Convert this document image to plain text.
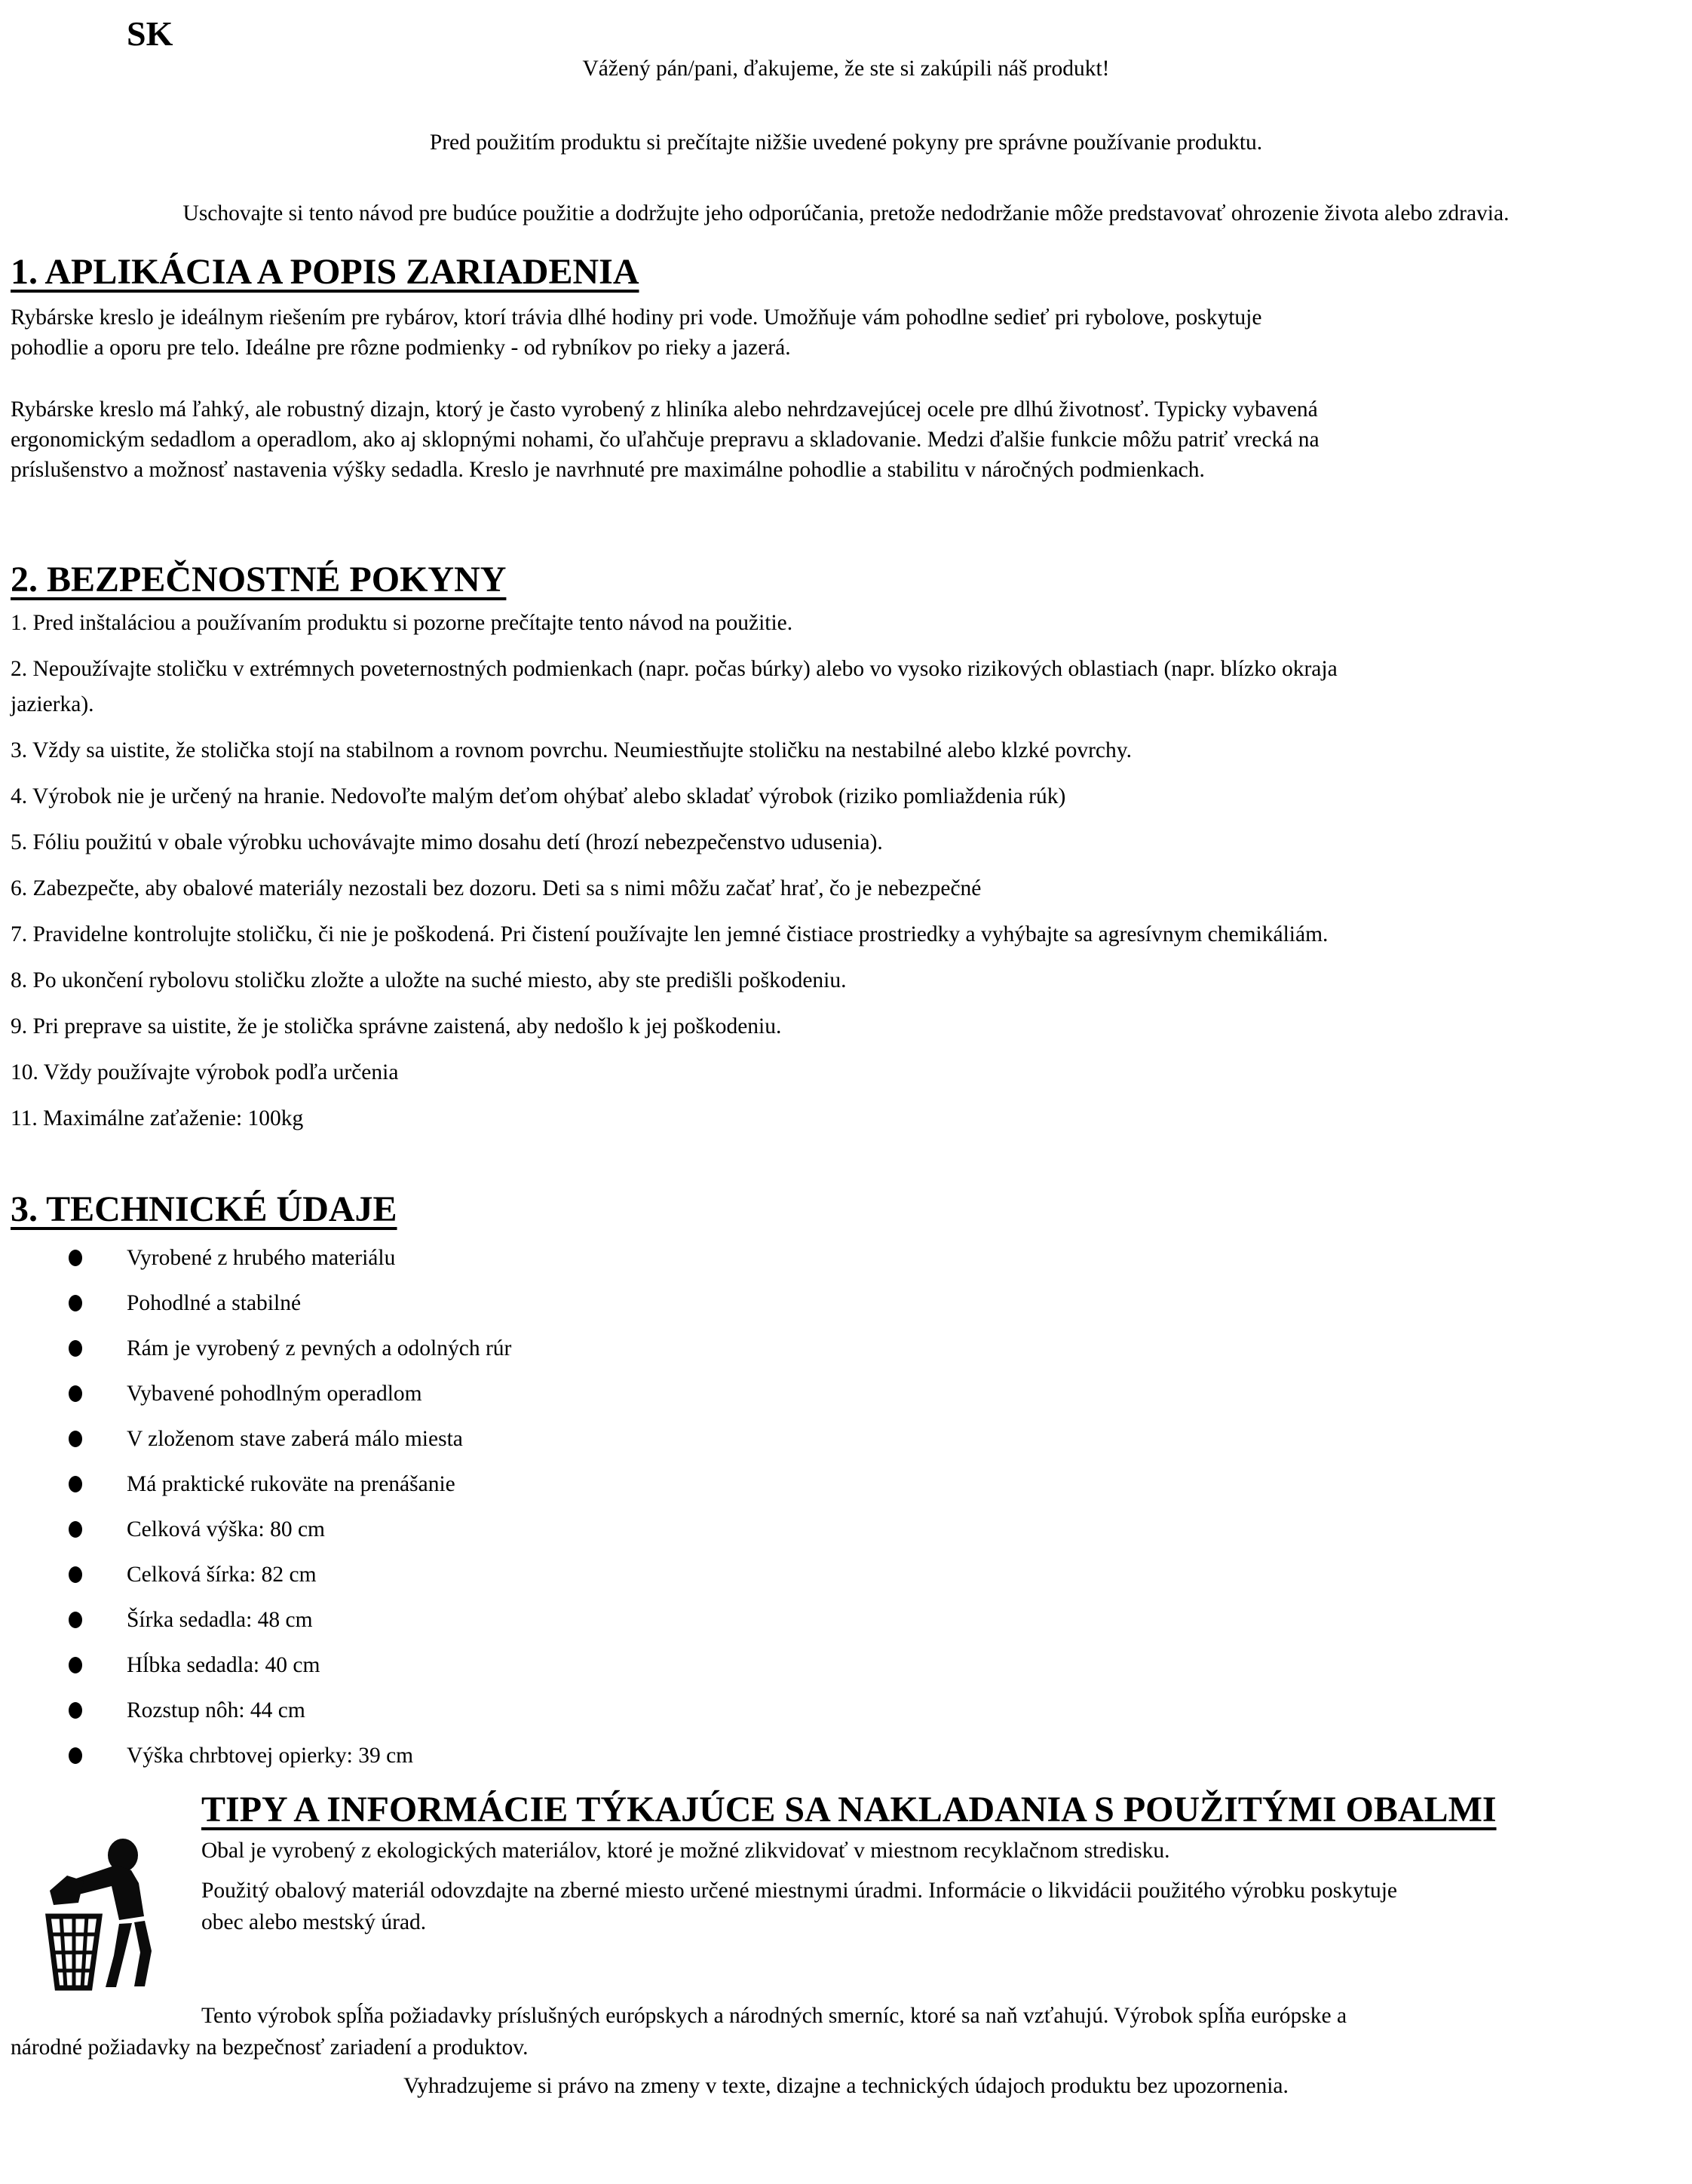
SK
Vážený pán/pani, ďakujeme, že ste si zakúpili náš produkt!
Pred použitím produktu si prečítajte nižšie uvedené pokyny pre správne používanie produktu.
Uschovajte si tento návod pre budúce použitie a dodržujte jeho odporúčania, pretože nedodržanie môže predstavovať ohrozenie života alebo zdravia.
1. APLIKÁCIA A POPIS ZARIADENIA
Rybárske kreslo je ideálnym riešením pre rybárov, ktorí trávia dlhé hodiny pri vode. Umožňuje vám pohodlne sedieť pri rybolove, poskytuje
pohodlie a oporu pre telo. Ideálne pre rôzne podmienky - od rybníkov po rieky a jazerá.
Rybárske kreslo má ľahký, ale robustný dizajn, ktorý je často vyrobený z hliníka alebo nehrdzavejúcej ocele pre dlhú životnosť. Typicky vybavená
ergonomickým sedadlom a operadlom, ako aj sklopnými nohami, čo uľahčuje prepravu a skladovanie. Medzi ďalšie funkcie môžu patriť vrecká na
príslušenstvo a možnosť nastavenia výšky sedadla. Kreslo je navrhnuté pre maximálne pohodlie a stabilitu v náročných podmienkach.
2. BEZPEČNOSTNÉ POKYNY
1. Pred inštaláciou a používaním produktu si pozorne prečítajte tento návod na použitie.
2. Nepoužívajte stoličku v extrémnych poveternostných podmienkach (napr. počas búrky) alebo vo vysoko rizikových oblastiach (napr. blízko okraja
jazierka).
3. Vždy sa uistite, že stolička stojí na stabilnom a rovnom povrchu. Neumiestňujte stoličku na nestabilné alebo klzké povrchy.
4. Výrobok nie je určený na hranie. Nedovoľte malým deťom ohýbať alebo skladať výrobok (riziko pomliaždenia rúk)
5. Fóliu použitú v obale výrobku uchovávajte mimo dosahu detí (hrozí nebezpečenstvo udusenia).
6. Zabezpečte, aby obalové materiály nezostali bez dozoru. Deti sa s nimi môžu začať hrať, čo je nebezpečné
7. Pravidelne kontrolujte stoličku, či nie je poškodená. Pri čistení používajte len jemné čistiace prostriedky a vyhýbajte sa agresívnym chemikáliám.
8. Po ukončení rybolovu stoličku zložte a uložte na suché miesto, aby ste predišli poškodeniu.
9. Pri preprave sa uistite, že je stolička správne zaistená, aby nedošlo k jej poškodeniu.
10. Vždy používajte výrobok podľa určenia
11. Maximálne zaťaženie: 100kg
3. TECHNICKÉ ÚDAJE
Vyrobené z hrubého materiálu
Pohodlné a stabilné
Rám je vyrobený z pevných a odolných rúr
Vybavené pohodlným operadlom
V zloženom stave zaberá málo miesta
Má praktické rukoväte na prenášanie
Celková výška: 80 cm
Celková šírka: 82 cm
Šírka sedadla: 48 cm
Hĺbka sedadla: 40 cm
Rozstup nôh: 44 cm
Výška chrbtovej opierky: 39 cm
TIPY A INFORMÁCIE TÝKAJÚCE SA NAKLADANIA S POUŽITÝMI OBALMI
Obal je vyrobený z ekologických materiálov, ktoré je možné zlikvidovať v miestnom recyklačnom stredisku.
Použitý obalový materiál odovzdajte na zberné miesto určené miestnymi úradmi. Informácie o likvidácii použitého výrobku poskytuje
obec alebo mestský úrad.
Tento výrobok spĺňa požiadavky príslušných európskych a národných smerníc, ktoré sa naň vzťahujú. Výrobok spĺňa európske a
národné požiadavky na bezpečnosť zariadení a produktov.
Vyhradzujeme si právo na zmeny v texte, dizajne a technických údajoch produktu bez upozornenia.
